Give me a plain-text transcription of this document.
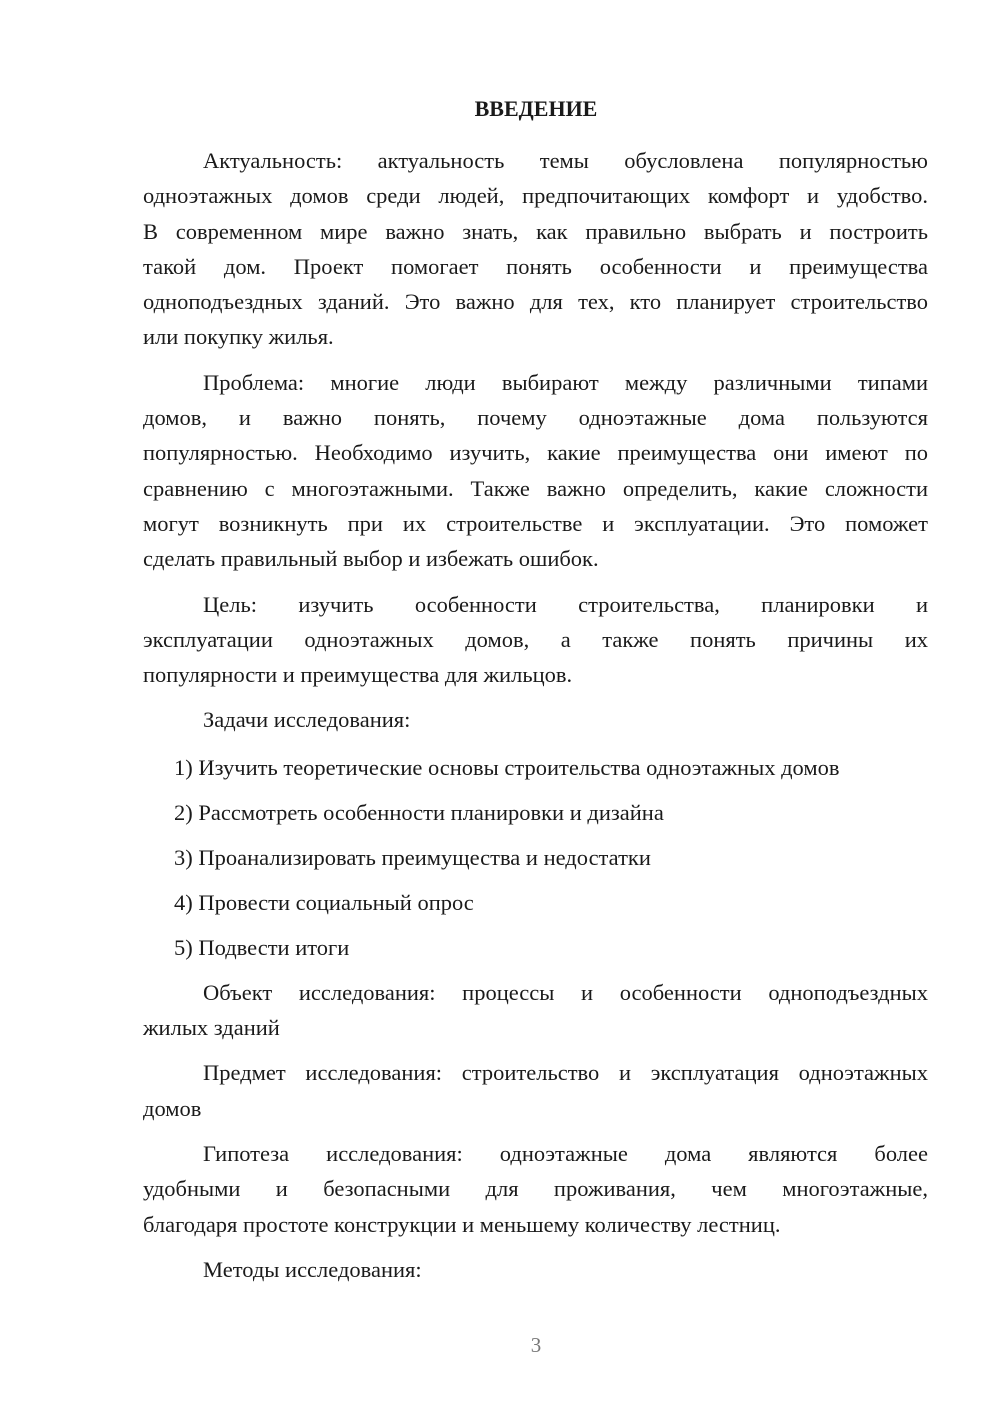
ВВЕДЕНИЕ
Актуальность: актуальность темы обусловлена популярностью
одноэтажных домов среди людей, предпочитающих комфорт и удобство.
В современном мире важно знать, как правильно выбрать и построить
такой дом. Проект помогает понять особенности и преимущества
одноподъездных зданий. Это важно для тех, кто планирует строительство
или покупку жилья.
Проблема: многие люди выбирают между различными типами
домов, и важно понять, почему одноэтажные дома пользуются
популярностью. Необходимо изучить, какие преимущества они имеют по
сравнению с многоэтажными. Также важно определить, какие сложности
могут возникнуть при их строительстве и эксплуатации. Это поможет
сделать правильный выбор и избежать ошибок.
Цель: изучить особенности строительства, планировки и
эксплуатации одноэтажных домов, а также понять причины их
популярности и преимущества для жильцов.
Задачи исследования:
1) Изучить теоретические основы строительства одноэтажных домов
2) Рассмотреть особенности планировки и дизайна
3) Проанализировать преимущества и недостатки
4) Провести социальный опрос
5) Подвести итоги
Объект исследования: процессы и особенности одноподъездных
жилых зданий
Предмет исследования: строительство и эксплуатация одноэтажных
домов
Гипотеза исследования: одноэтажные дома являются более
удобными и безопасными для проживания, чем многоэтажные,
благодаря простоте конструкции и меньшему количеству лестниц.
Методы исследования:
3
